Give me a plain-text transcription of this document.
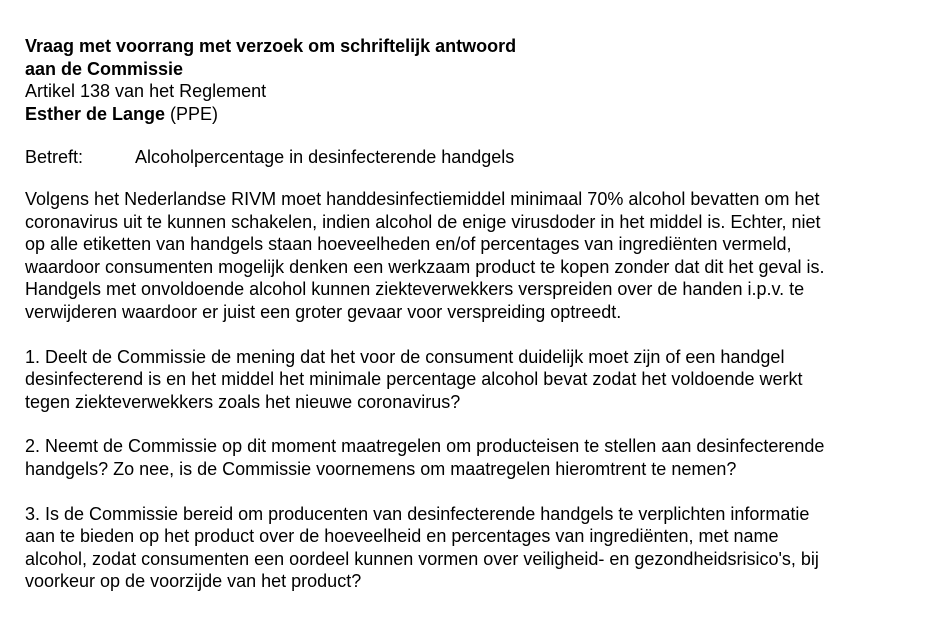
Vraag met voorrang met verzoek om schriftelijk antwoord
aan de Commissie
Artikel 138 van het Reglement
Esther de Lange (PPE)
Betreft:	Alcoholpercentage in desinfecterende handgels
Volgens het Nederlandse RIVM moet handdesinfectiemiddel minimaal 70% alcohol bevatten om het
coronavirus uit te kunnen schakelen, indien alcohol de enige virusdoder in het middel is. Echter, niet
op alle etiketten van handgels staan hoeveelheden en/of percentages van ingrediënten vermeld,
waardoor consumenten mogelijk denken een werkzaam product te kopen zonder dat dit het geval is.
Handgels met onvoldoende alcohol kunnen ziekteverwekkers verspreiden over de handen i.p.v. te
verwijderen waardoor er juist een groter gevaar voor verspreiding optreedt.
1. Deelt de Commissie de mening dat het voor de consument duidelijk moet zijn of een handgel
desinfecterend is en het middel het minimale percentage alcohol bevat zodat het voldoende werkt
tegen ziekteverwekkers zoals het nieuwe coronavirus?
2. Neemt de Commissie op dit moment maatregelen om producteisen te stellen aan desinfecterende
handgels? Zo nee, is de Commissie voornemens om maatregelen hieromtrent te nemen?
3. Is de Commissie bereid om producenten van desinfecterende handgels te verplichten informatie
aan te bieden op het product over de hoeveelheid en percentages van ingrediënten, met name
alcohol, zodat consumenten een oordeel kunnen vormen over veiligheid- en gezondheidsrisico's, bij
voorkeur op de voorzijde van het product?
